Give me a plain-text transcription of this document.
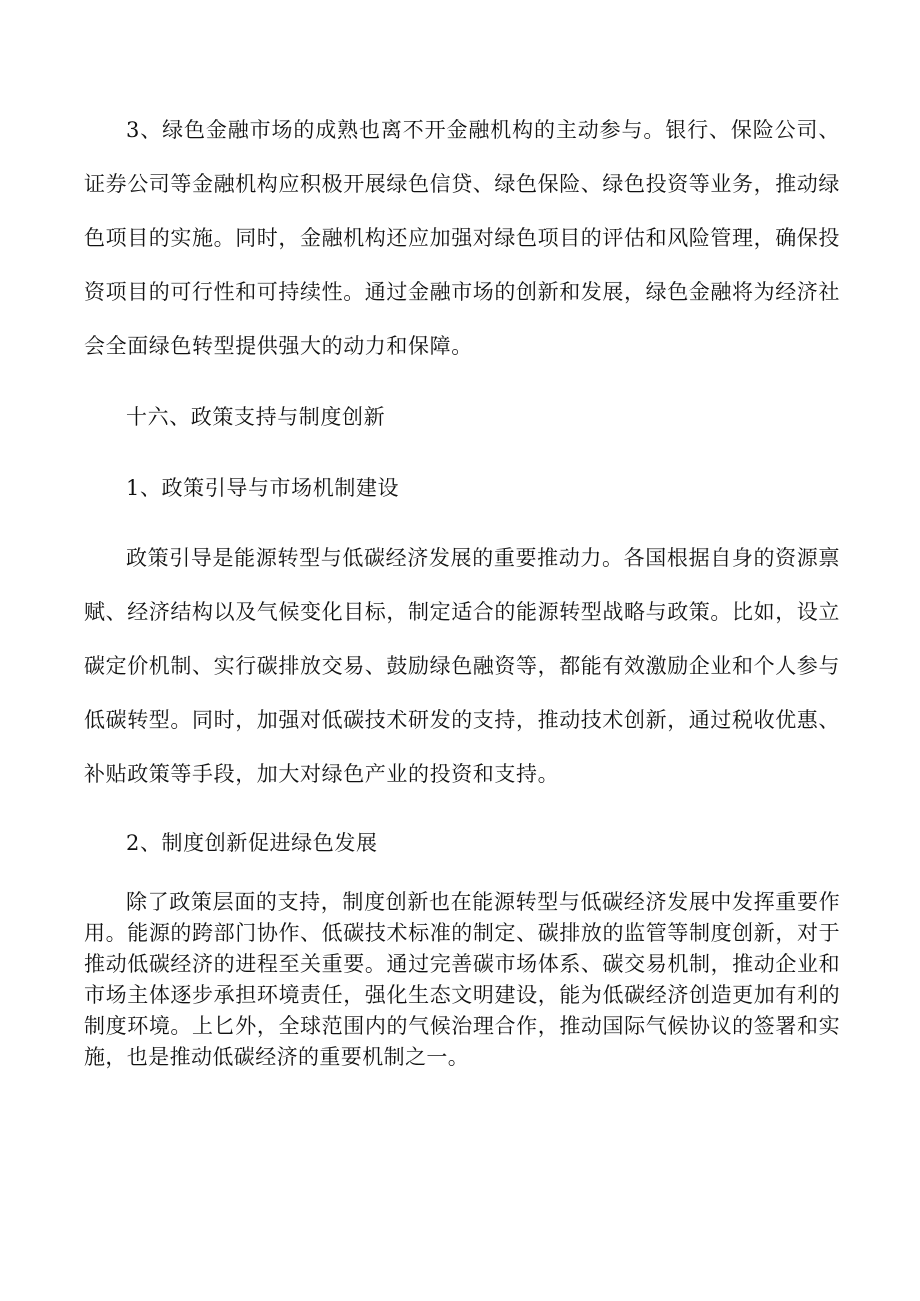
3、绿色金融市场的成熟也离不开金融机构的主动参与。银行、保险公司、证券公司等金融机构应积极开展绿色信贷、绿色保险、绿色投资等业务，推动绿色项目的实施。同时，金融机构还应加强对绿色项目的评估和风险管理，确保投资项目的可行性和可持续性。通过金融市场的创新和发展，绿色金融将为经济社会全面绿色转型提供强大的动力和保障。

十六、政策支持与制度创新
1、政策引导与市场机制建设

政策引导是能源转型与低碳经济发展的重要推动力。各国根据自身的资源禀赋、经济结构以及气候变化目标，制定适合的能源转型战略与政策。比如，设立碳定价机制、实行碳排放交易、鼓励绿色融资等，都能有效激励企业和个人参与低碳转型。同时，加强对低碳技术研发的支持，推动技术创新，通过税收优惠、补贴政策等手段，加大对绿色产业的投资和支持。

2、制度创新促进绿色发展

除了政策层面的支持，制度创新也在能源转型与低碳经济发展中发挥重要作用。能源的跨部门协作、低碳技术标准的制定、碳排放的监管等制度创新，对于推动低碳经济的进程至关重要。通过完善碳市场体系、碳交易机制，推动企业和市场主体逐步承担环境责任，强化生态文明建设，能为低碳经济创造更加有利的制度环境。上匕外，全球范围内的气候治理合作，推动国际气候协议的签署和实施，也是推动低碳经济的重要机制之一。
